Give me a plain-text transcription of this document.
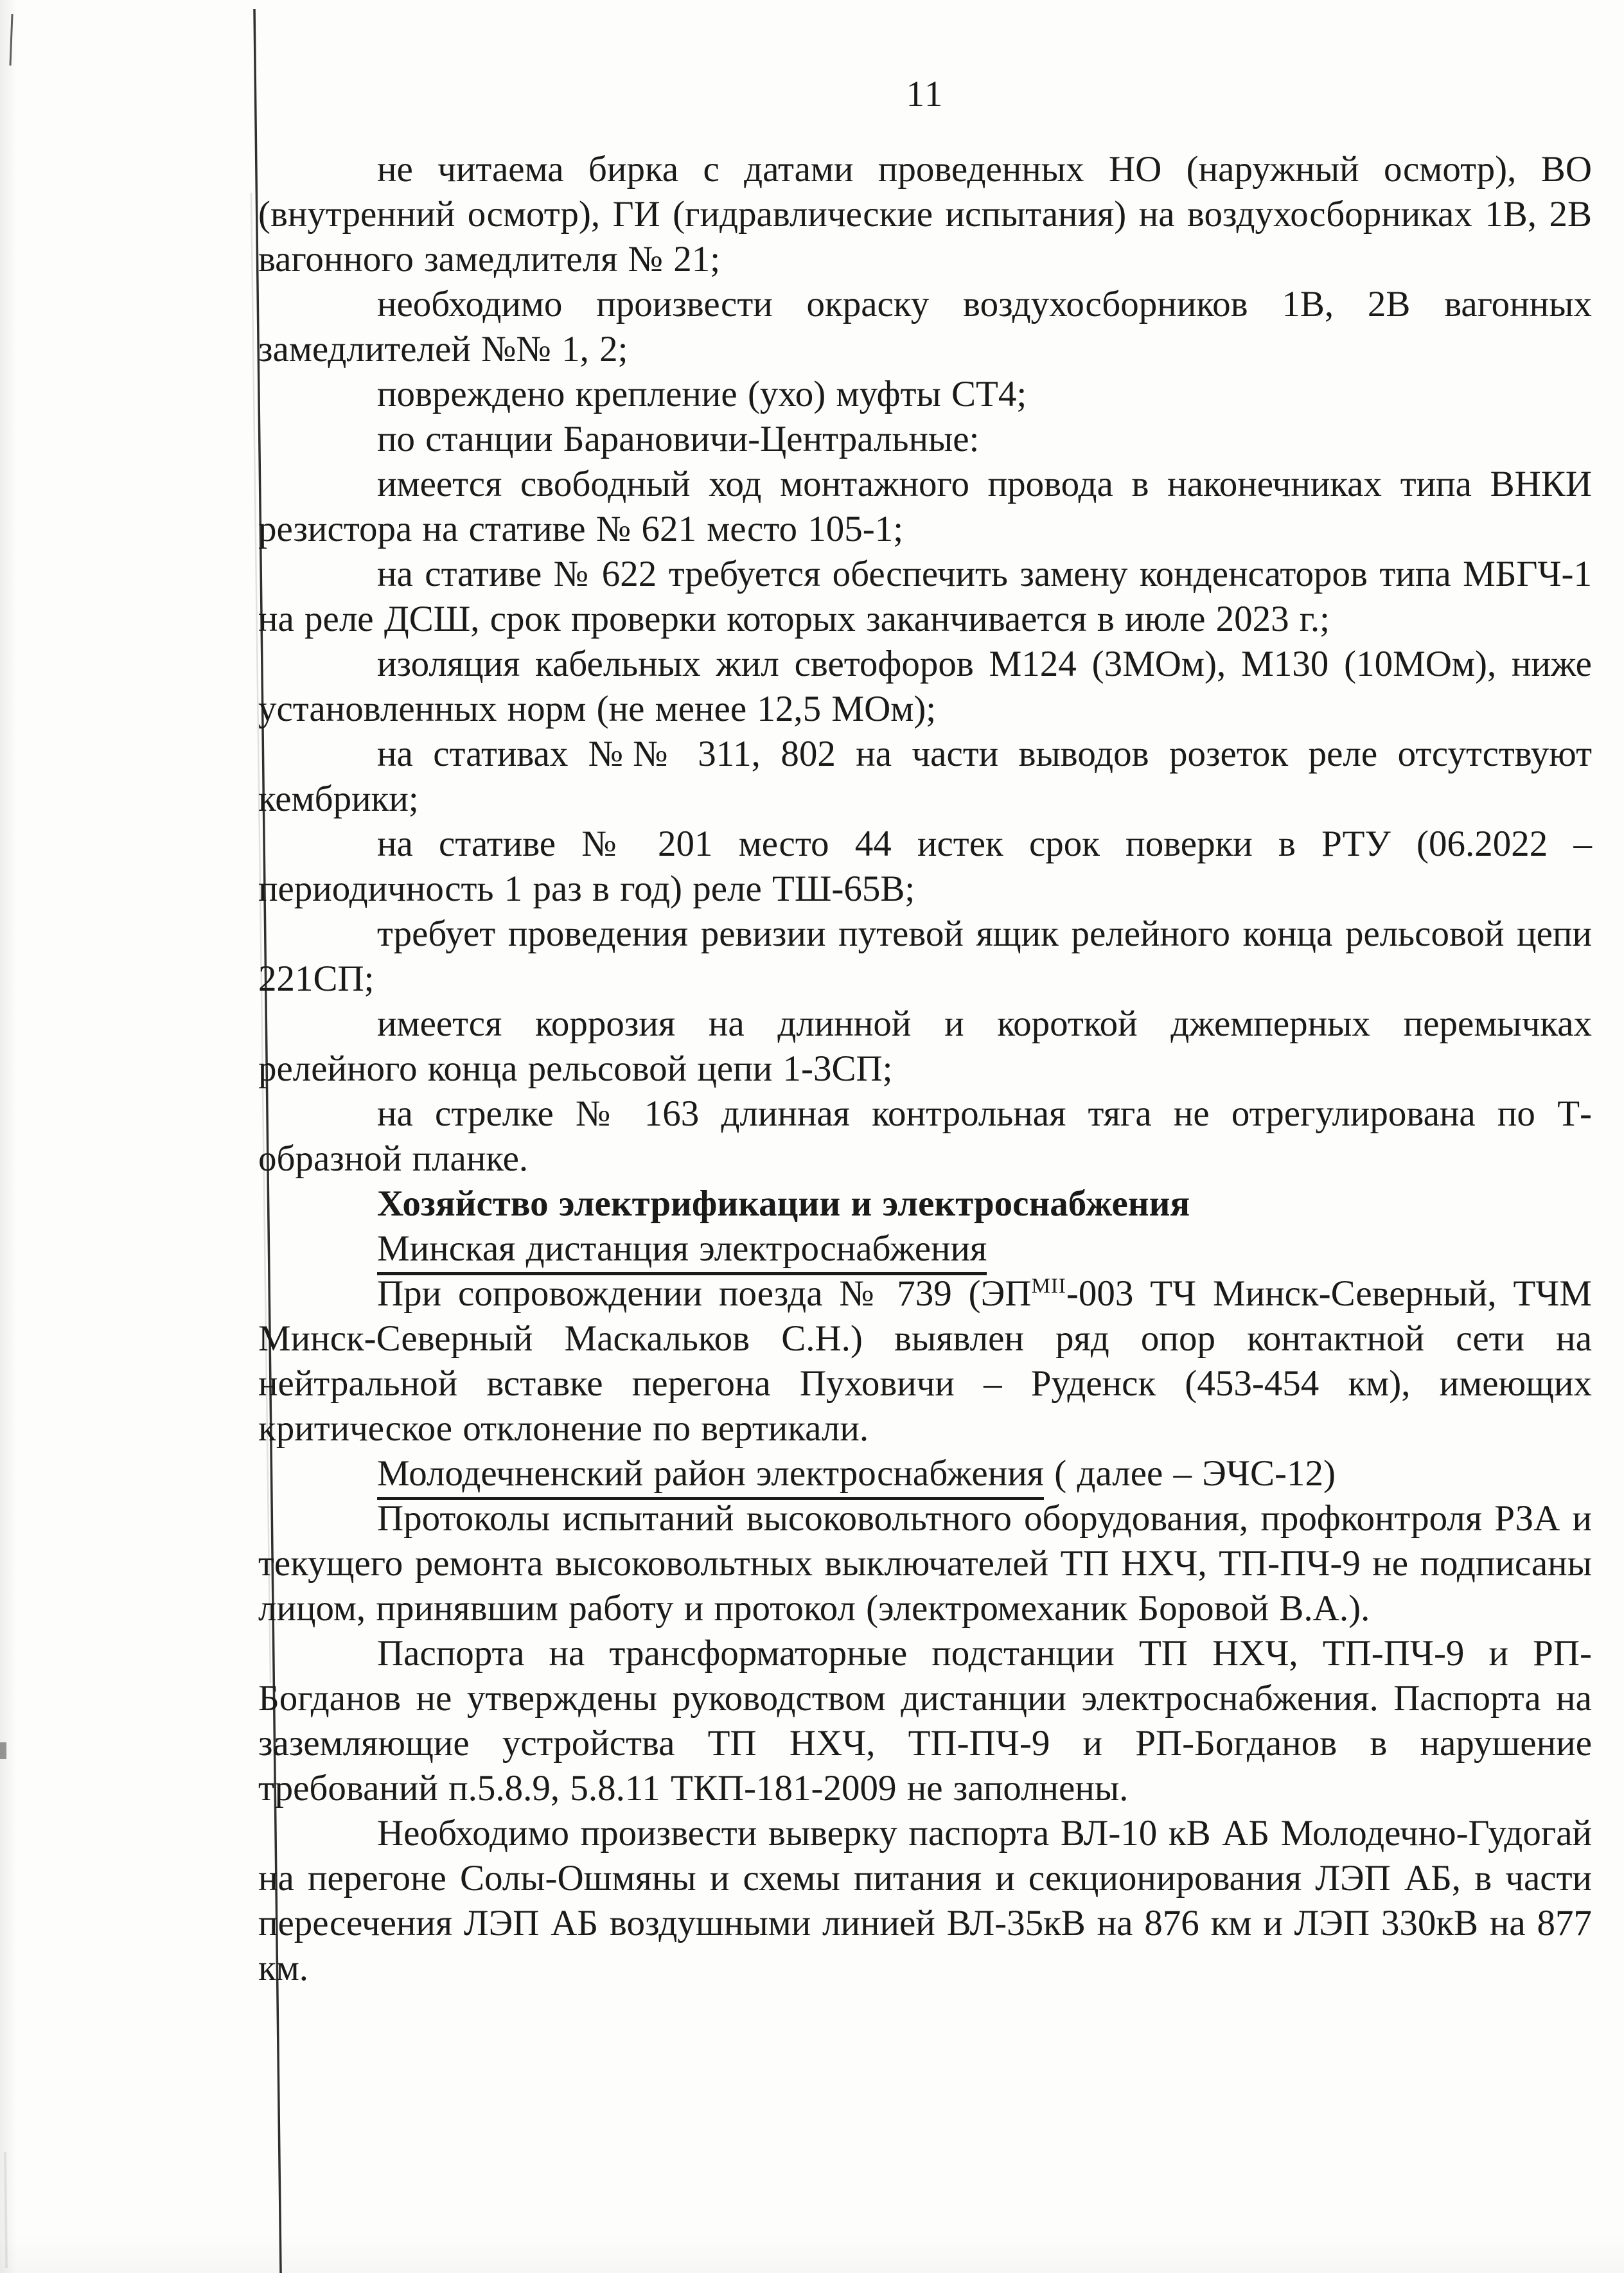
11

не читаема бирка с датами проведенных НО (наружный осмотр), ВО (внутренний осмотр), ГИ (гидравлические испытания) на воздухосборниках 1В, 2В вагонного замедлителя № 21;

необходимо произвести окраску воздухосборников 1В, 2В вагонных замедлителей №№ 1, 2;

повреждено крепление (ухо) муфты СТ4;

по станции Барановичи-Центральные:

имеется свободный ход монтажного провода в наконечниках типа ВНКИ резистора на стативе № 621 место 105-1;

на стативе № 622 требуется обеспечить замену конденсаторов типа МБГЧ-1 на реле ДСШ, срок проверки которых заканчивается в июле 2023 г.;

изоляция кабельных жил светофоров М124 (3МОм), М130 (10МОм), ниже установленных норм (не менее 12,5 МОм);

на стативах №№ 311, 802 на части выводов розеток реле отсутствуют кембрики;

на стативе № 201 место 44 истек срок поверки в РТУ (06.2022 – периодичность 1 раз в год) реле ТШ-65В;

требует проведения ревизии путевой ящик релейного конца рельсовой цепи 221СП;

имеется коррозия на длинной и короткой джемперных перемычках релейного конца рельсовой цепи 1-3СП;

на стрелке № 163 длинная контрольная тяга не отрегулирована по Т-образной планке.

Хозяйство электрификации и электроснабжения

Минская дистанция электроснабжения

При сопровождении поезда № 739 ($ЭП^{МII}-003$ ТЧ Минск-Северный, ТЧМ Минск-Северный Маскальков С.Н.) выявлен ряд опор контактной сети на нейтральной вставке перегона Пуховичи – Руденск (453-454 км), имеющих критическое отклонение по вертикали.

Молодечненский район электроснабжения ( далее – ЭЧС-12)

Протоколы испытаний высоковольтного оборудования, профконтроля РЗА и текущего ремонта высоковольтных выключателей ТП НХЧ, ТП-ПЧ-9 не подписаны лицом, принявшим работу и протокол (электромеханик Боровой В.А.).

Паспорта на трансформаторные подстанции ТП НХЧ, ТП-ПЧ-9 и РП-Богданов не утверждены руководством дистанции электроснабжения. Паспорта на заземляющие устройства ТП НХЧ, ТП-ПЧ-9 и РП-Богданов в нарушение требований п.5.8.9, 5.8.11 ТКП-181-2009 не заполнены.

Необходимо произвести выверку паспорта ВЛ-10 кВ АБ Молодечно-Гудогай на перегоне Солы-Ошмяны и схемы питания и секционирования ЛЭП АБ, в части пересечения ЛЭП АБ воздушными линией ВЛ-35кВ на 876 км и ЛЭП 330кВ на 877 км.
